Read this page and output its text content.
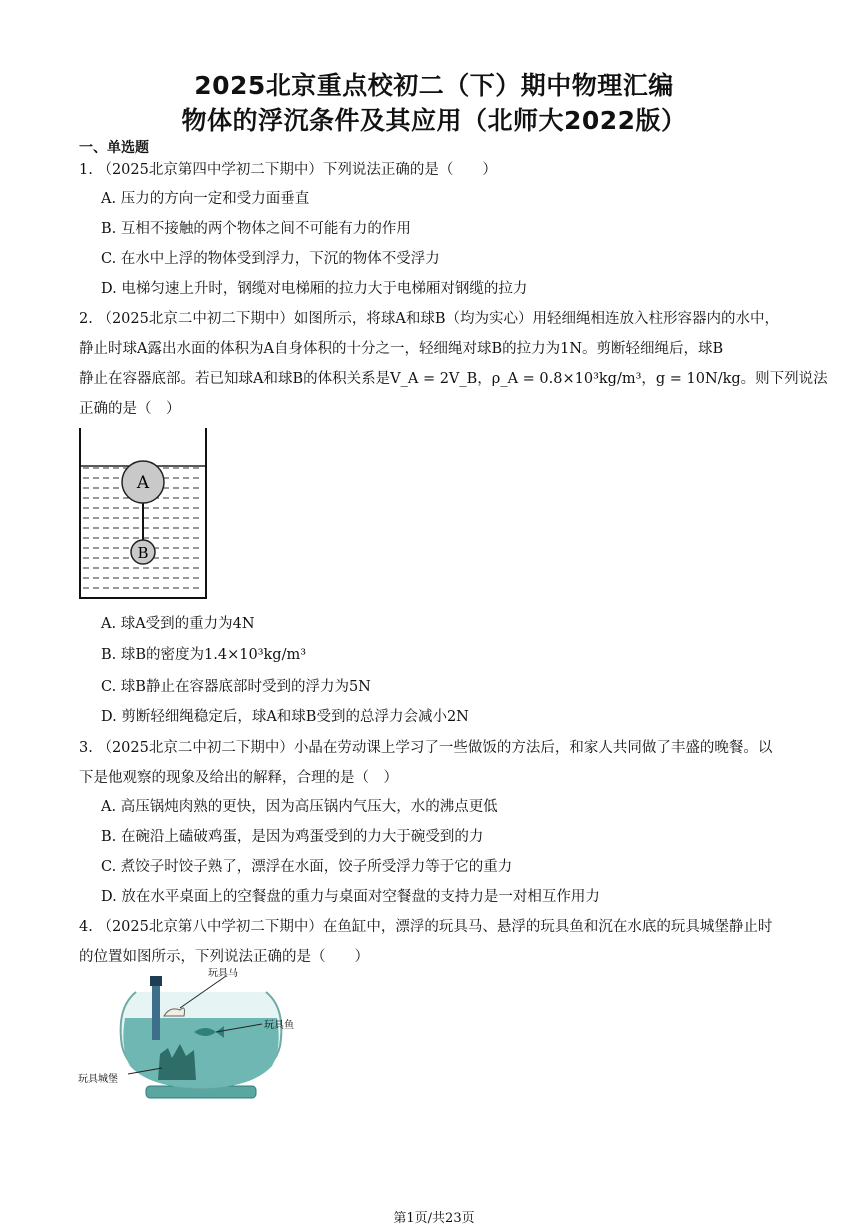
2025北京重点校初二（下）期中物理汇编
物体的浮沉条件及其应用（北师大2022版）
一、单选题
1. （2025北京第四中学初二下期中）下列说法正确的是（　　）
A. 压力的方向一定和受力面垂直
B. 互相不接触的两个物体之间不可能有力的作用
C. 在水中上浮的物体受到浮力，下沉的物体不受浮力
D. 电梯匀速上升时，钢缆对电梯厢的拉力大于电梯厢对钢缆的拉力
2. （2025北京二中初二下期中）如图所示，将球A和球B（均为实心）用轻细绳相连放入柱形容器内的水中，
静止时球A露出水面的体积为A自身体积的十分之一，轻细绳对球B的拉力为1N。剪断轻细绳后，球B
静止在容器底部。若已知球A和球B的体积关系是V_A = 2V_B，ρ_A = 0.8×10³kg/m³，g = 10N/kg。则下列说法
正确的是（　）
A
B
A. 球A受到的重力为4N
B. 球B的密度为1.4×10³kg/m³
C. 球B静止在容器底部时受到的浮力为5N
D. 剪断轻细绳稳定后，球A和球B受到的总浮力会减小2N
3. （2025北京二中初二下期中）小晶在劳动课上学习了一些做饭的方法后，和家人共同做了丰盛的晚餐。以
下是他观察的现象及给出的解释，合理的是（　）
A. 高压锅炖肉熟的更快，因为高压锅内气压大，水的沸点更低
B. 在碗沿上磕破鸡蛋，是因为鸡蛋受到的力大于碗受到的力
C. 煮饺子时饺子熟了，漂浮在水面，饺子所受浮力等于它的重力
D. 放在水平桌面上的空餐盘的重力与桌面对空餐盘的支持力是一对相互作用力
4. （2025北京第八中学初二下期中）在鱼缸中，漂浮的玩具马、悬浮的玩具鱼和沉在水底的玩具城堡静止时
的位置如图所示，下列说法正确的是（　　）
玩具马
玩具鱼
玩具城堡
第1页/共23页
